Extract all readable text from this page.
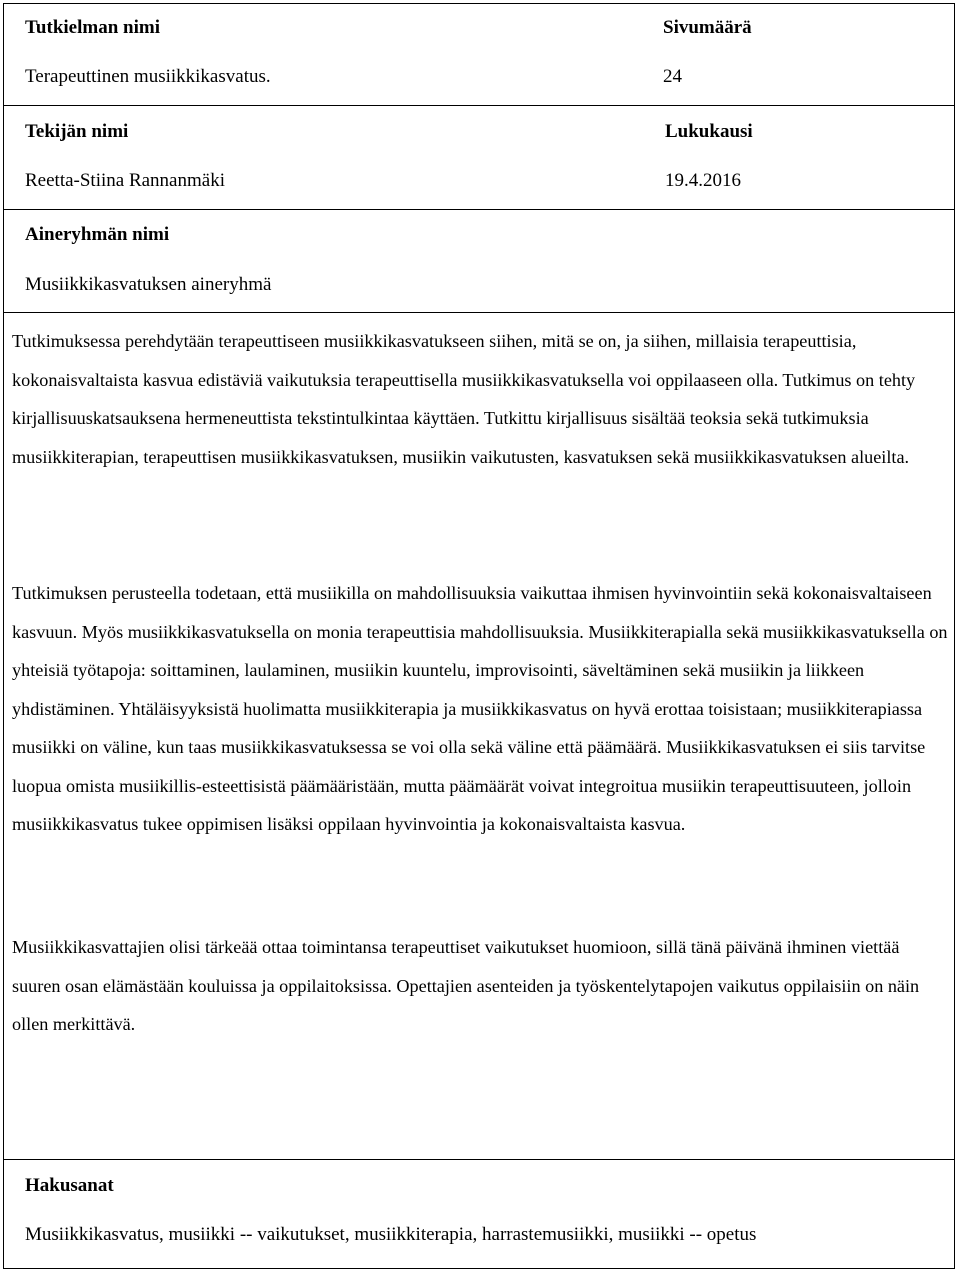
Tutkielman nimi
Terapeuttinen musiikkikasvatus.
Sivumäärä
24
Tekijän nimi
Reetta-Stiina Rannanmäki
Lukukausi
19.4.2016
Aineryhmän nimi
Musiikkikasvatuksen aineryhmä

Tutkimuksessa perehdytään terapeuttiseen musiikkikasvatukseen siihen, mitä se on, ja siihen, millaisia terapeuttisia, kokonaisvaltaista kasvua edistäviä vaikutuksia terapeuttisella musiikkikasvatuksella voi oppilaaseen olla. Tutkimus on tehty kirjallisuuskatsauksena hermeneuttista tekstintulkintaa käyttäen. Tutkittu kirjallisuus sisältää teoksia sekä tutkimuksia musiikkiterapian, terapeuttisen musiikkikasvatuksen, musiikin vaikutusten, kasvatuksen sekä musiikkikasvatuksen alueilta.

Tutkimuksen perusteella todetaan, että musiikilla on mahdollisuuksia vaikuttaa ihmisen hyvinvointiin sekä kokonaisvaltaiseen kasvuun. Myös musiikkikasvatuksella on monia terapeuttisia mahdollisuuksia. Musiikkiterapialla sekä musiikkikasvatuksella on yhteisiä työtapoja: soittaminen, laulaminen, musiikin kuuntelu, improvisointi, säveltäminen sekä musiikin ja liikkeen yhdistäminen. Yhtäläisyyksistä huolimatta musiikkiterapia ja musiikkikasvatus on hyvä erottaa toisistaan; musiikkiterapiassa musiikki on väline, kun taas musiikkikasvatuksessa se voi olla sekä väline että päämäärä. Musiikkikasvatuksen ei siis tarvitse luopua omista musiikillis-esteettisistä päämääristään, mutta päämäärät voivat integroitua musiikin terapeuttisuuteen, jolloin musiikkikasvatus tukee oppimisen lisäksi oppilaan hyvinvointia ja kokonaisvaltaista kasvua.

Musiikkikasvattajien olisi tärkeää ottaa toimintansa terapeuttiset vaikutukset huomioon, sillä tänä päivänä ihminen viettää suuren osan elämästään kouluissa ja oppilaitoksissa. Opettajien asenteiden ja työskentelytapojen vaikutus oppilaisiin on näin ollen merkittävä.

Hakusanat
Musiikkikasvatus, musiikki -- vaikutukset, musiikkiterapia, harrastemusiikki, musiikki -- opetus
